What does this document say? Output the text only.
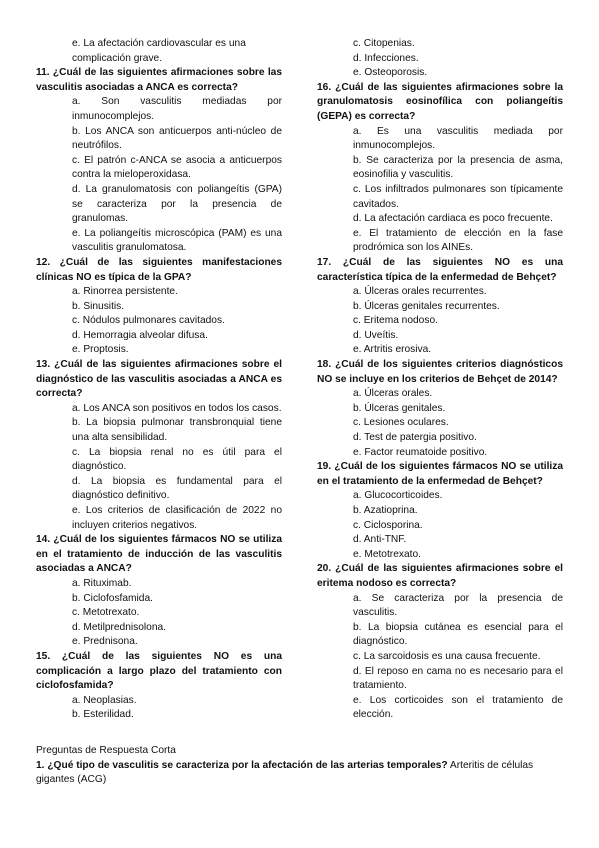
e. La afectación cardiovascular es una
complicación grave.
11. ¿Cuál de las siguientes afirmaciones sobre las vasculitis asociadas a ANCA es correcta?
a. Son vasculitis mediadas por inmunocomplejos.
b. Los ANCA son anticuerpos anti-núcleo de neutrófilos.
c. El patrón c-ANCA se asocia a anticuerpos contra la mieloperoxidasa.
d. La granulomatosis con poliangeítis (GPA) se caracteriza por la presencia de granulomas.
e. La poliangeítis microscópica (PAM) es una vasculitis granulomatosa.
12. ¿Cuál de las siguientes manifestaciones clínicas NO es típica de la GPA?
a. Rinorrea persistente.
b. Sinusitis.
c. Nódulos pulmonares cavitados.
d. Hemorragia alveolar difusa.
e. Proptosis.
13. ¿Cuál de las siguientes afirmaciones sobre el diagnóstico de las vasculitis asociadas a ANCA es correcta?
a. Los ANCA son positivos en todos los casos.
b. La biopsia pulmonar transbronquial tiene una alta sensibilidad.
c. La biopsia renal no es útil para el diagnóstico.
d. La biopsia es fundamental para el diagnóstico definitivo.
e. Los criterios de clasificación de 2022 no incluyen criterios negativos.
14. ¿Cuál de los siguientes fármacos NO se utiliza en el tratamiento de inducción de las vasculitis asociadas a ANCA?
a. Rituximab.
b. Ciclofosfamida.
c. Metotrexato.
d. Metilprednisolona.
e. Prednisona.
15. ¿Cuál de las siguientes NO es una complicación a largo plazo del tratamiento con ciclofosfamida?
a. Neoplasias.
b. Esterilidad.
c. Citopenias.
d. Infecciones.
e. Osteoporosis.
16. ¿Cuál de las siguientes afirmaciones sobre la granulomatosis eosinofílica con poliangeítis (GEPA) es correcta?
a. Es una vasculitis mediada por inmunocomplejos.
b. Se caracteriza por la presencia de asma, eosinofilia y vasculitis.
c. Los infiltrados pulmonares son típicamente cavitados.
d. La afectación cardiaca es poco frecuente.
e. El tratamiento de elección en la fase prodrómica son los AINEs.
17. ¿Cuál de las siguientes NO es una característica típica de la enfermedad de Behçet?
a. Úlceras orales recurrentes.
b. Úlceras genitales recurrentes.
c. Eritema nodoso.
d. Uveítis.
e. Artritis erosiva.
18. ¿Cuál de los siguientes criterios diagnósticos NO se incluye en los criterios de Behçet de 2014?
a. Úlceras orales.
b. Úlceras genitales.
c. Lesiones oculares.
d. Test de patergia positivo.
e. Factor reumatoide positivo.
19. ¿Cuál de los siguientes fármacos NO se utiliza en el tratamiento de la enfermedad de Behçet?
a. Glucocorticoides.
b. Azatioprina.
c. Ciclosporina.
d. Anti-TNF.
e. Metotrexato.
20. ¿Cuál de las siguientes afirmaciones sobre el eritema nodoso es correcta?
a. Se caracteriza por la presencia de vasculitis.
b. La biopsia cutánea es esencial para el diagnóstico.
c. La sarcoidosis es una causa frecuente.
d. El reposo en cama no es necesario para el tratamiento.
e. Los corticoides son el tratamiento de elección.
Preguntas de Respuesta Corta
1. ¿Qué tipo de vasculitis se caracteriza por la afectación de las arterias temporales? Arteritis de células gigantes (ACG)
